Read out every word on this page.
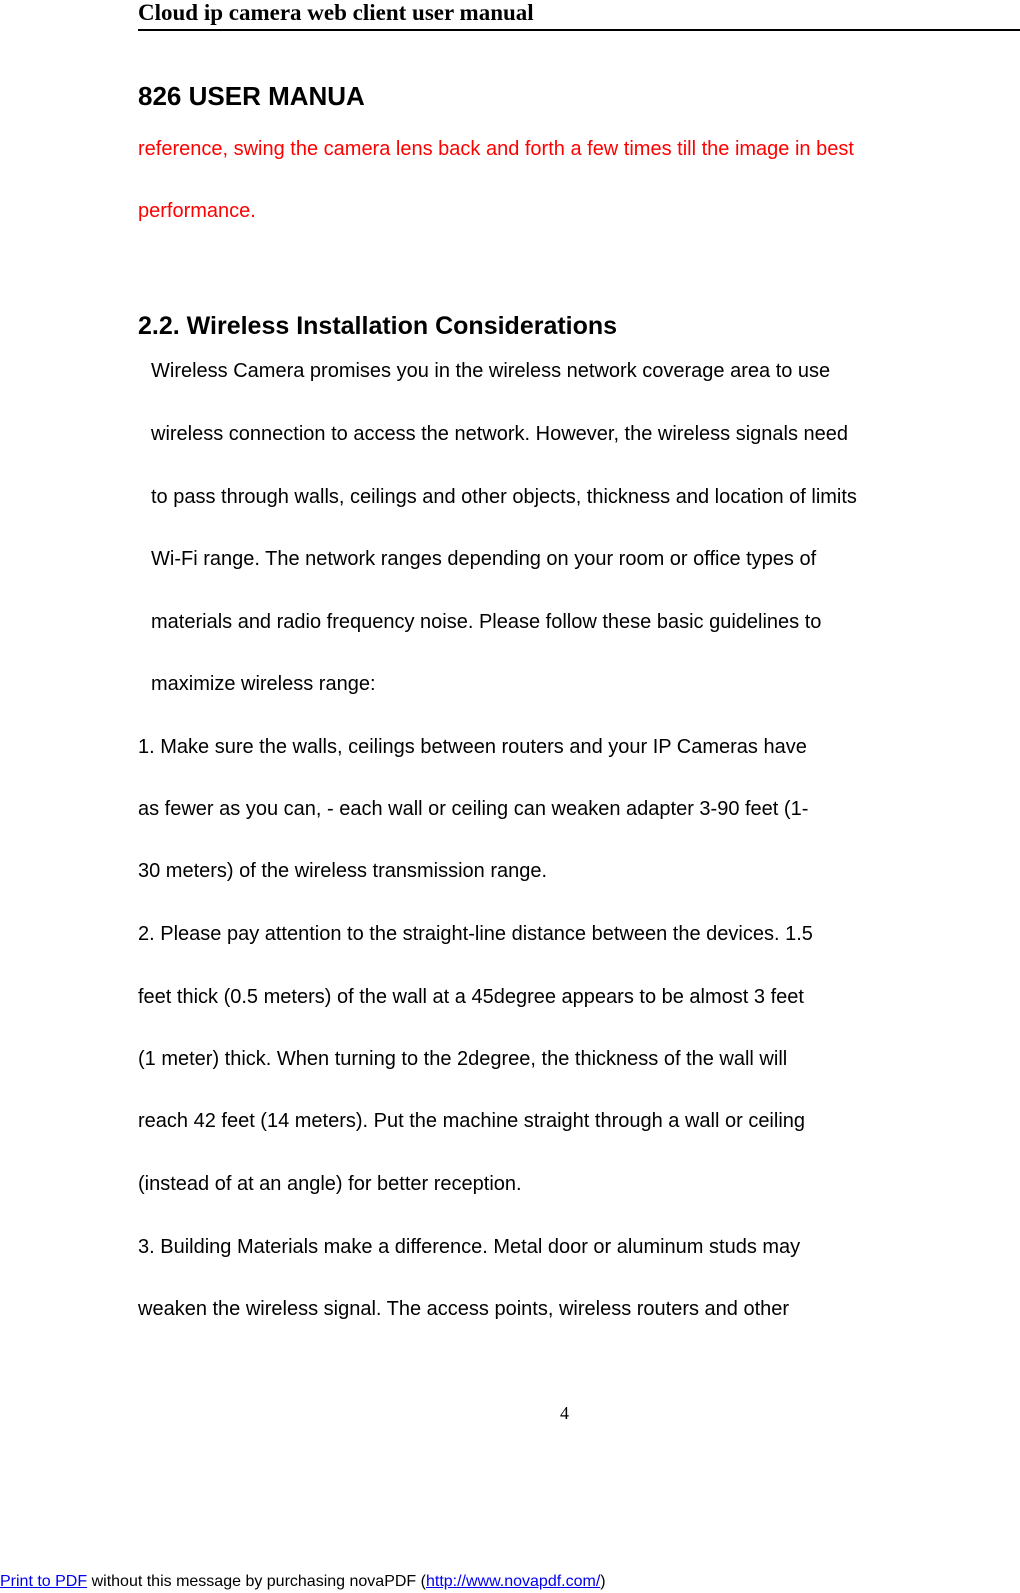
Cloud ip camera web client user manual
826 USER MANUA
reference, swing the camera lens back and forth a few times till the image in best
performance.
2.2. Wireless Installation Considerations
Wireless Camera promises you in the wireless network coverage area to use
wireless connection to access the network. However, the wireless signals need
to pass through walls, ceilings and other objects, thickness and location of limits
Wi-Fi range. The network ranges depending on your room or office types of
materials and radio frequency noise. Please follow these basic guidelines to
maximize wireless range:
1. Make sure the walls, ceilings between routers and your IP Cameras have
as fewer as you can, - each wall or ceiling can weaken adapter 3-90 feet (1-
30 meters) of the wireless transmission range.
2. Please pay attention to the straight-line distance between the devices. 1.5
feet thick (0.5 meters) of the wall at a 45degree appears to be almost 3 feet
(1 meter) thick. When turning to the 2degree, the thickness of the wall will
reach 42 feet (14 meters). Put the machine straight through a wall or ceiling
(instead of at an angle) for better reception.
3. Building Materials make a difference. Metal door or aluminum studs may
weaken the wireless signal. The access points, wireless routers and other
4
Print to PDF without this message by purchasing novaPDF (http://www.novapdf.com/)
